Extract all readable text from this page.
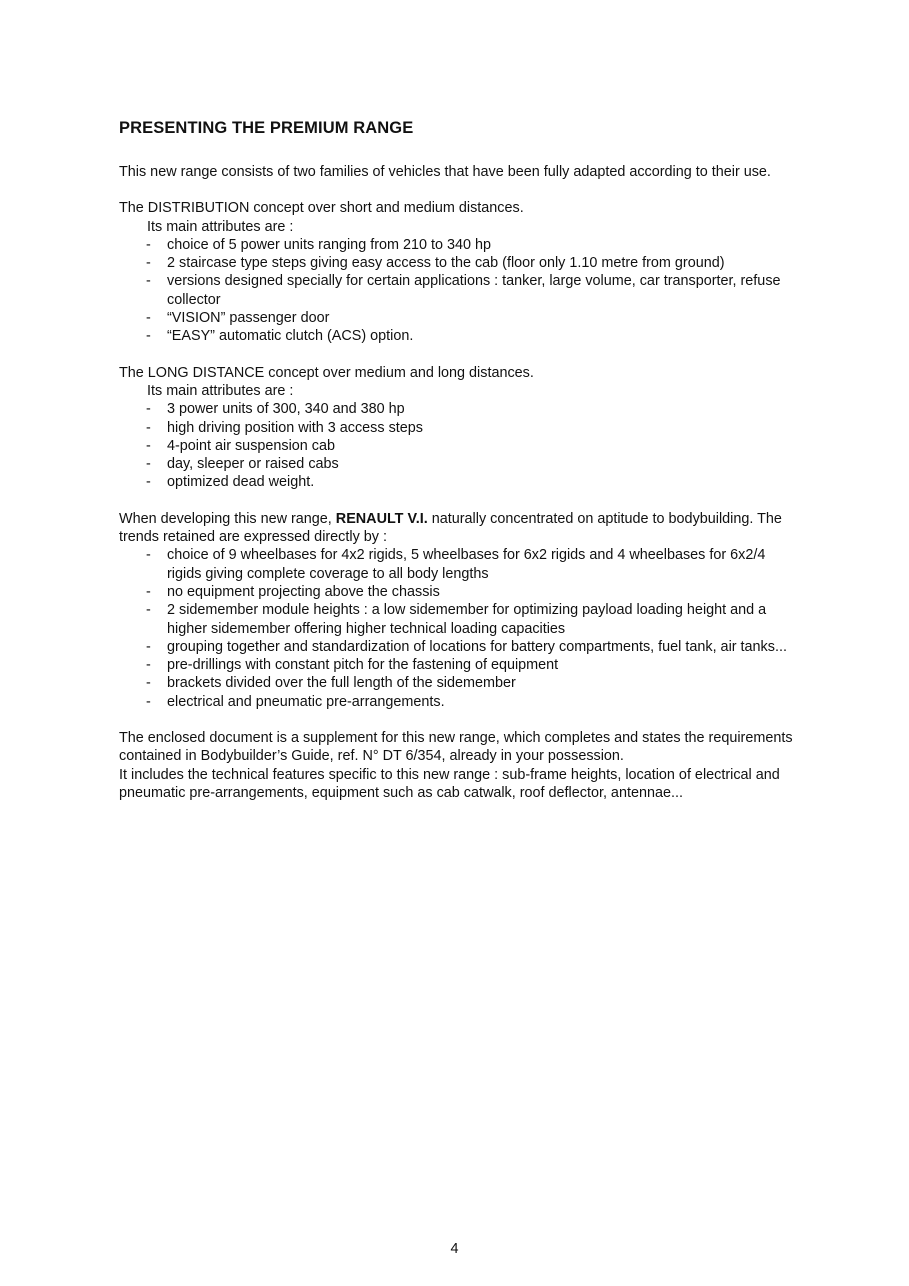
PRESENTING THE PREMIUM RANGE

This new range consists of two families of vehicles that have been fully adapted according to their use.

The DISTRIBUTION concept over short and medium distances.

Its main attributes are :

- choice of 5 power units ranging from 210 to 340 hp
- 2 staircase type steps giving easy access to the cab (floor only 1.10 metre from ground)
- versions designed specially for certain applications : tanker, large volume, car transporter, refuse collector
- “VISION” passenger door
- “EASY” automatic clutch (ACS) option.

The LONG DISTANCE concept over medium and long distances.

Its main attributes are :

- 3 power units of 300, 340 and 380 hp
- high driving position with 3 access steps
- 4-point air suspension cab
- day, sleeper or raised cabs
- optimized dead weight.

When developing this new range, RENAULT V.I. naturally concentrated on aptitude to bodybuilding. The trends retained are expressed directly by :

- choice of 9 wheelbases for 4x2 rigids, 5 wheelbases for 6x2 rigids and 4 wheelbases for 6x2/4 rigids giving complete coverage to all body lengths
- no equipment projecting above the chassis
- 2 sidemember module heights : a low sidemember for optimizing payload loading height and a higher sidemember offering higher technical loading capacities
- grouping together and standardization of locations for battery compartments, fuel tank, air tanks...
- pre-drillings with constant pitch for the fastening of equipment
- brackets divided over the full length of the sidemember
- electrical and pneumatic pre-arrangements.

The enclosed document is a supplement for this new range, which completes and states the requirements contained in Bodybuilder’s Guide, ref. N° DT 6/354, already in your possession.

It includes the technical features specific to this new range : sub-frame heights, location of electrical and pneumatic pre-arrangements, equipment such as cab catwalk, roof deflector, antennae...

4
